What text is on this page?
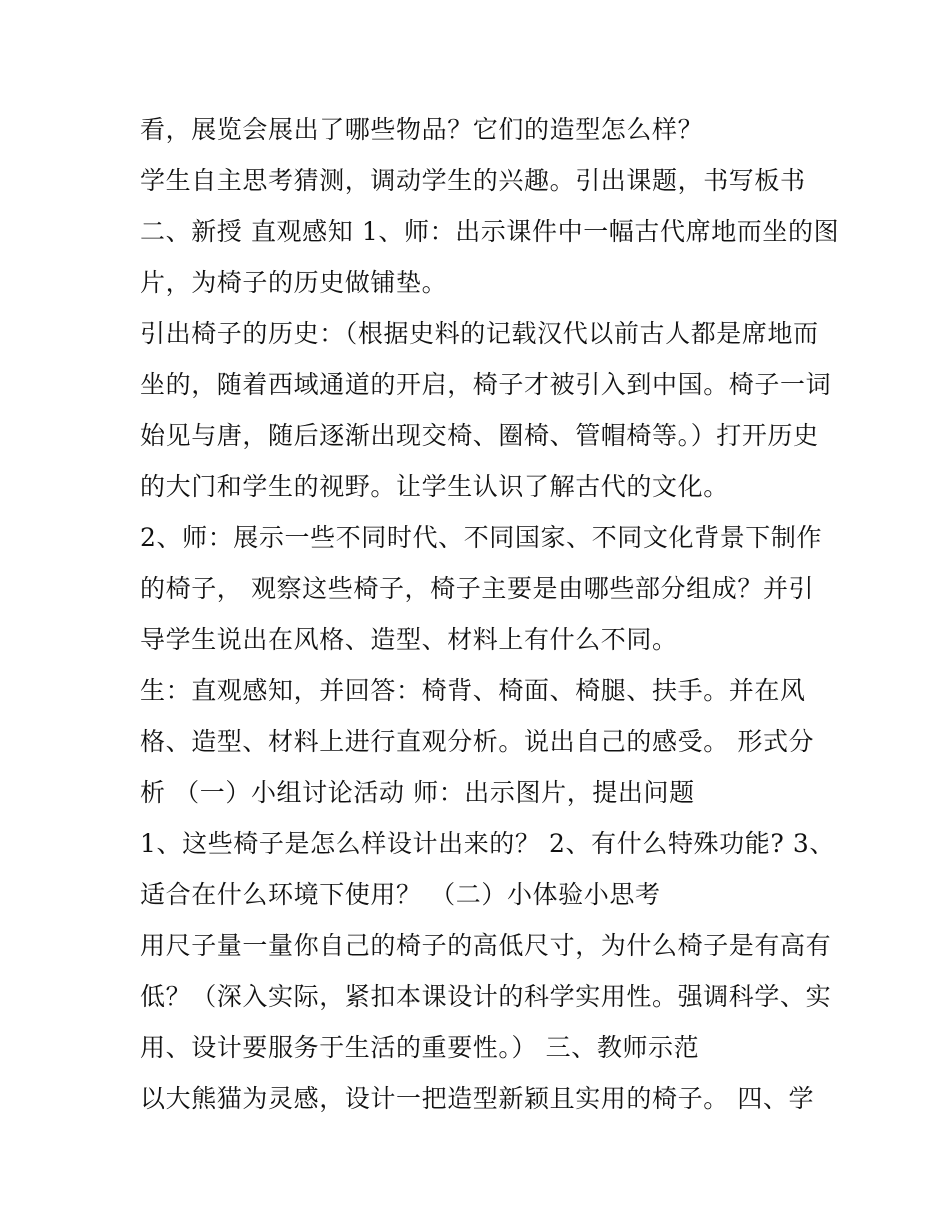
看，展览会展出了哪些物品？它们的造型怎么样？
学生自主思考猜测，调动学生的兴趣。引出课题，书写板书
二、新授 直观感知 1、师：出示课件中一幅古代席地而坐的图
片，为椅子的历史做铺垫。
引出椅子的历史：（根据史料的记载汉代以前古人都是席地而
坐的，随着西域通道的开启，椅子才被引入到中国。椅子一词
始见与唐，随后逐渐出现交椅、圈椅、管帽椅等。）打开历史
的大门和学生的视野。让学生认识了解古代的文化。
2、师：展示一些不同时代、不同国家、不同文化背景下制作
的椅子， 观察这些椅子，椅子主要是由哪些部分组成？并引
导学生说出在风格、造型、材料上有什么不同。
生：直观感知，并回答：椅背、椅面、椅腿、扶手。并在风
格、造型、材料上进行直观分析。说出自己的感受。 形式分
析 （一）小组讨论活动 师：出示图片，提出问题
1、这些椅子是怎么样设计出来的？ 2、有什么特殊功能? 3、
适合在什么环境下使用？ （二）小体验小思考
用尺子量一量你自己的椅子的高低尺寸，为什么椅子是有高有
低？（深入实际，紧扣本课设计的科学实用性。强调科学、实
用、设计要服务于生活的重要性。） 三、教师示范
以大熊猫为灵感，设计一把造型新颖且实用的椅子。 四、学
